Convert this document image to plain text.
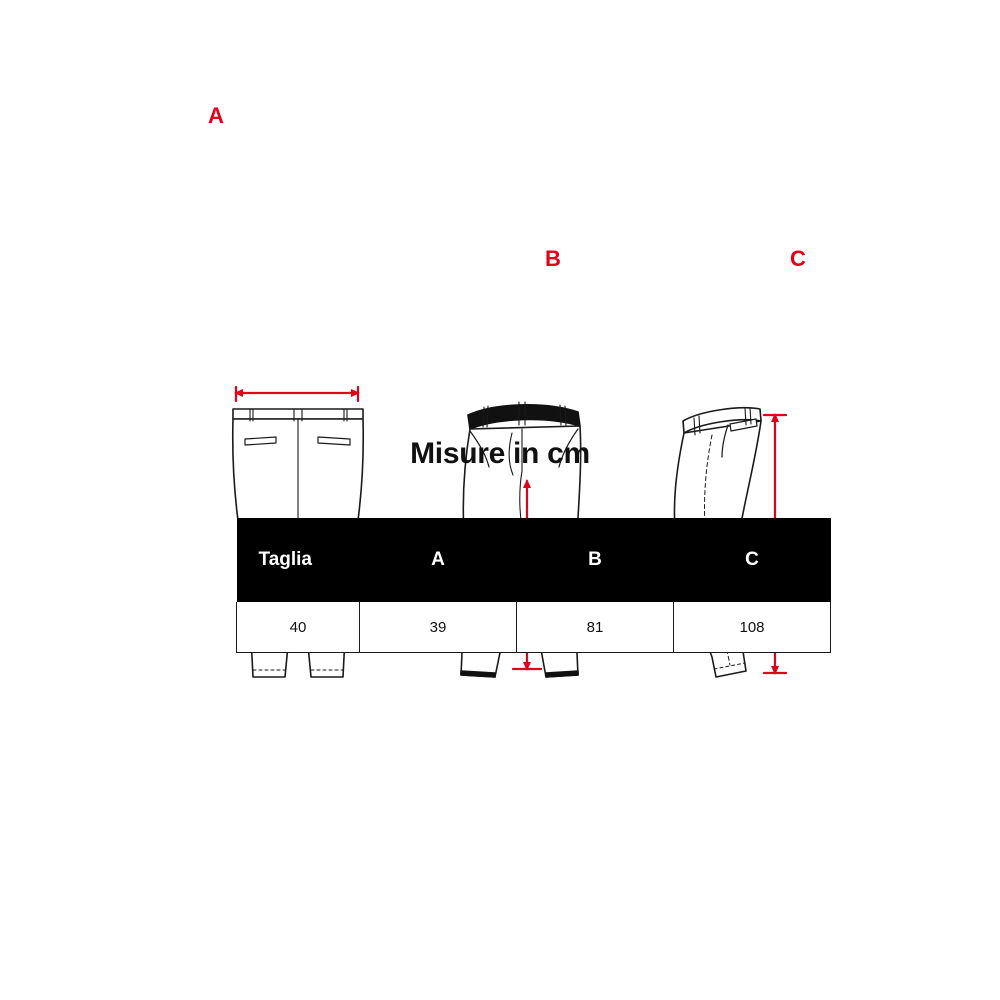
A
B	C
Misure in cm
Taglia	A	B	C
40	39	81	108
